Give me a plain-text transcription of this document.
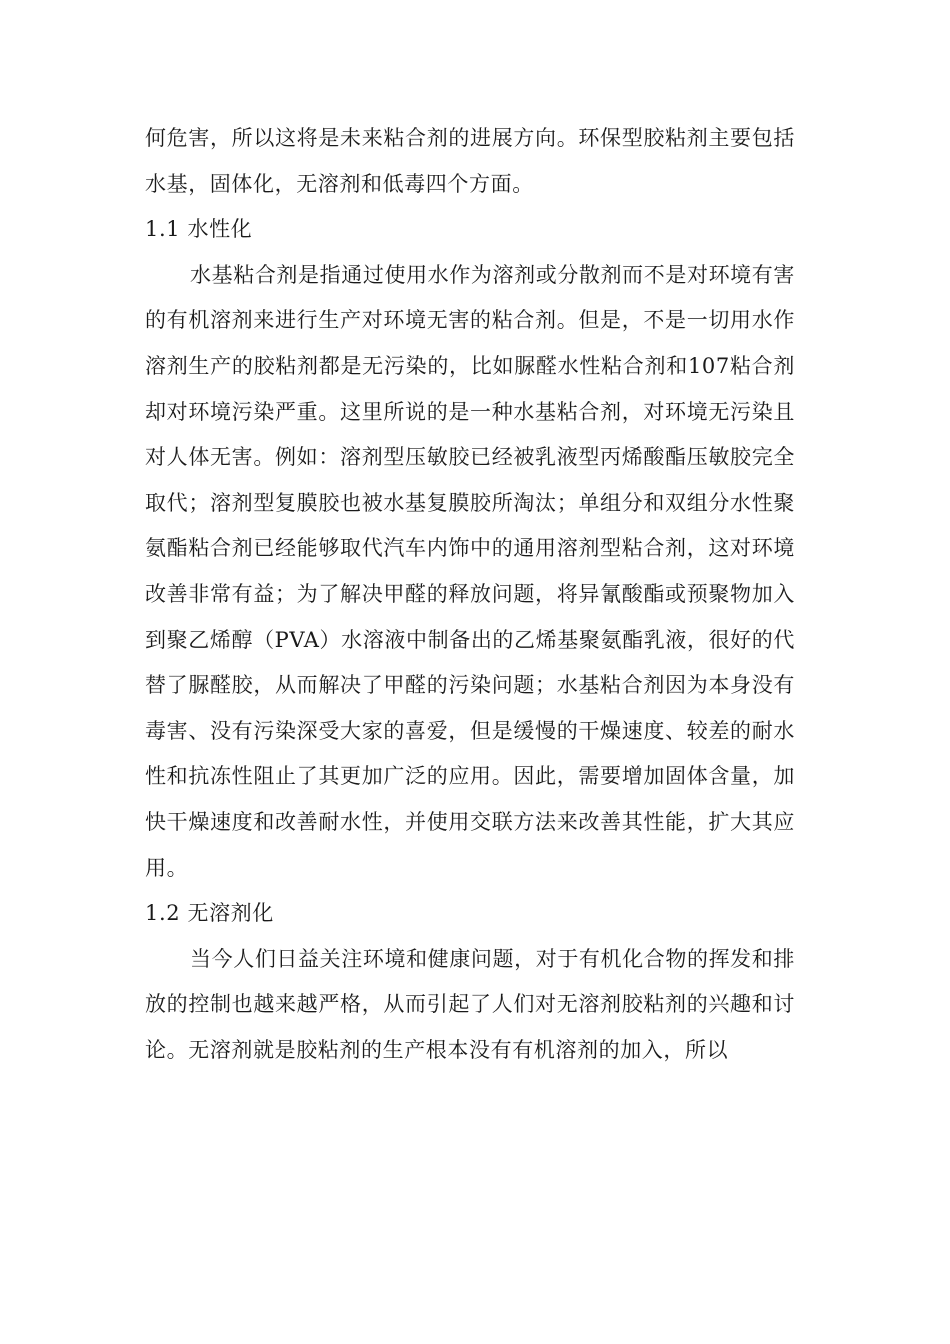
何危害，所以这将是未来粘合剂的进展方向。环保型胶粘剂主要包括水基，固体化，无溶剂和低毒四个方面。

1.1 水性化

水基粘合剂是指通过使用水作为溶剂或分散剂而不是对环境有害的有机溶剂来进行生产对环境无害的粘合剂。但是，不是一切用水作溶剂生产的胶粘剂都是无污染的，比如脲醛水性粘合剂和107粘合剂却对环境污染严重。这里所说的是一种水基粘合剂，对环境无污染且对人体无害。例如：溶剂型压敏胶已经被乳液型丙烯酸酯压敏胶完全取代；溶剂型复膜胶也被水基复膜胶所淘汰；单组分和双组分水性聚氨酯粘合剂已经能够取代汽车内饰中的通用溶剂型粘合剂，这对环境改善非常有益；为了解决甲醛的释放问题，将异氰酸酯或预聚物加入到聚乙烯醇（PVA）水溶液中制备出的乙烯基聚氨酯乳液，很好的代替了脲醛胶，从而解决了甲醛的污染问题；水基粘合剂因为本身没有毒害、没有污染深受大家的喜爱，但是缓慢的干燥速度、较差的耐水性和抗冻性阻止了其更加广泛的应用。因此，需要增加固体含量，加快干燥速度和改善耐水性，并使用交联方法来改善其性能，扩大其应用。

1.2 无溶剂化

当今人们日益关注环境和健康问题，对于有机化合物的挥发和排放的控制也越来越严格，从而引起了人们对无溶剂胶粘剂的兴趣和讨论。无溶剂就是胶粘剂的生产根本没有有机溶剂的加入，所以
